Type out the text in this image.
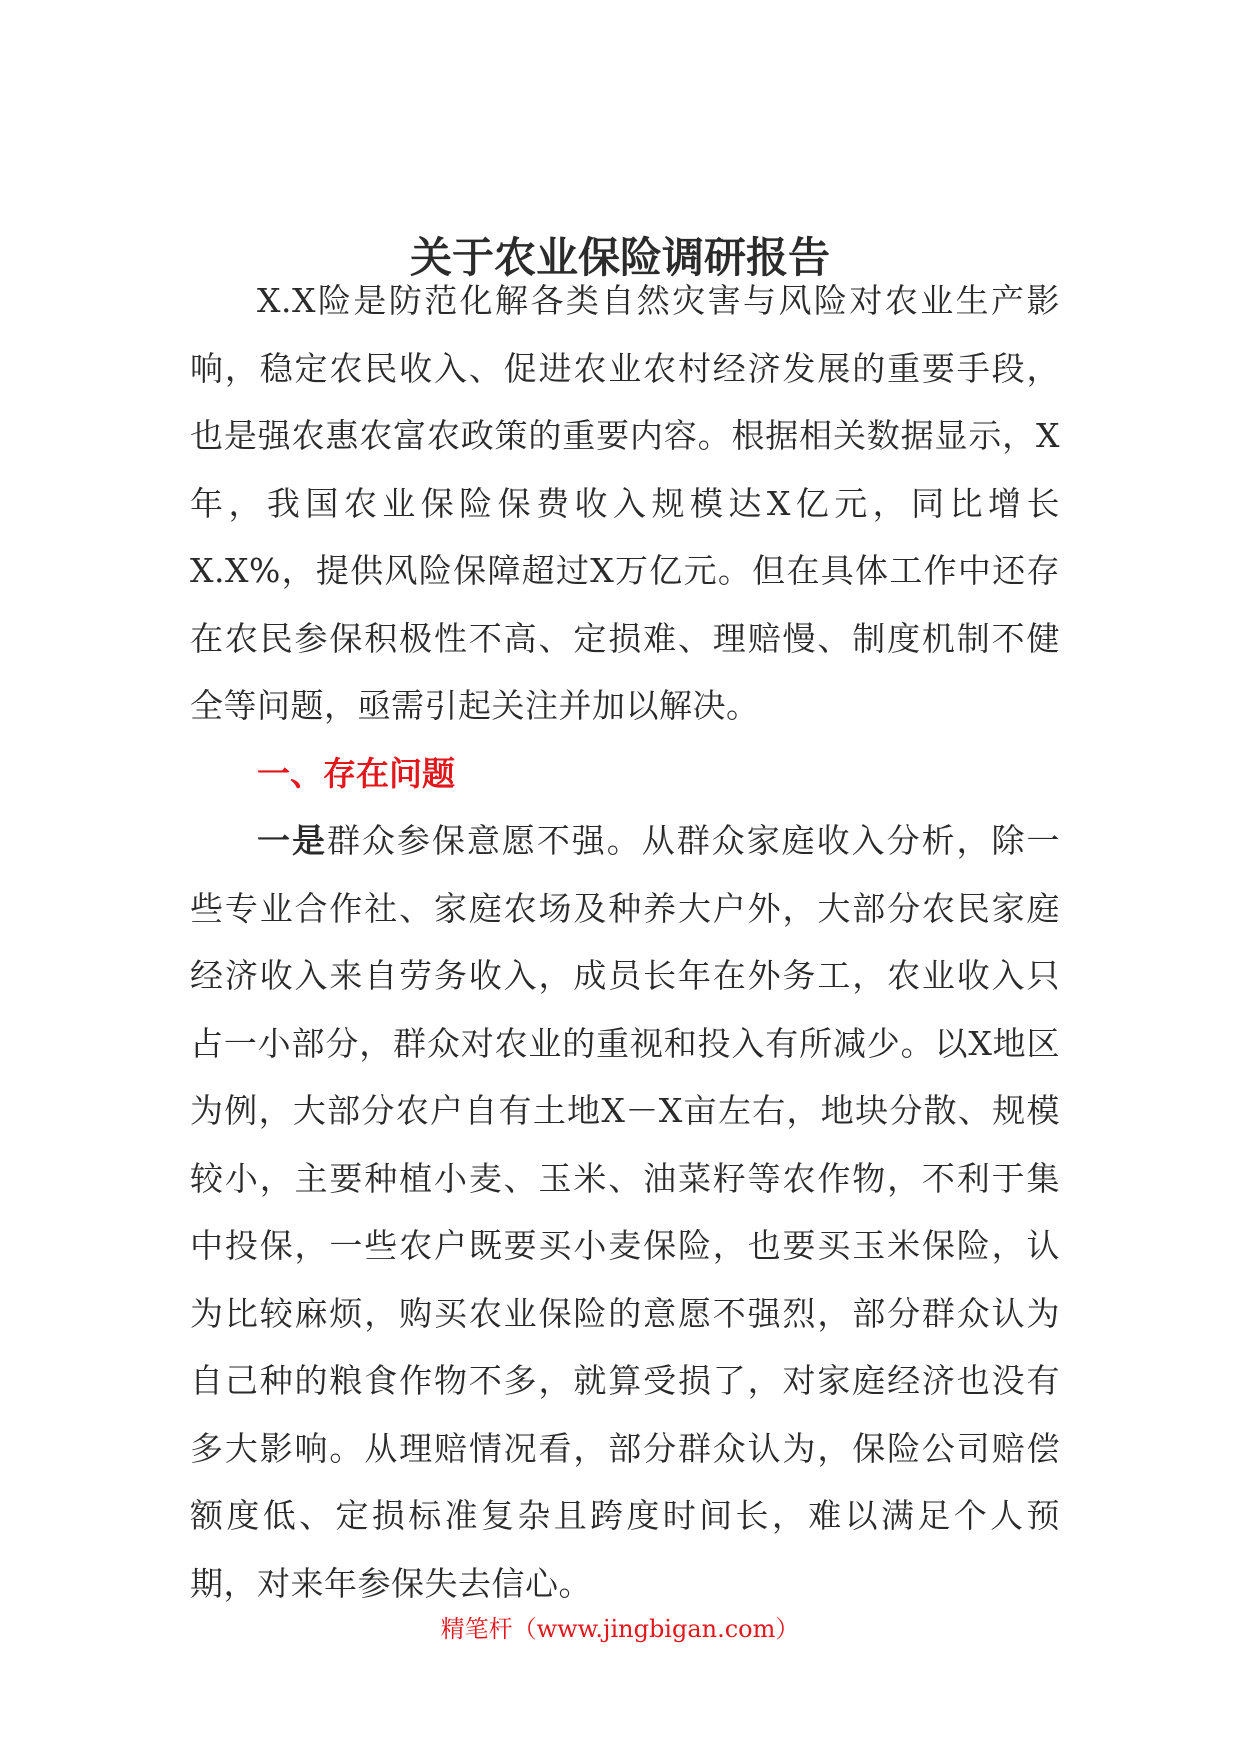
关于农业保险调研报告

X.X险是防范化解各类自然灾害与风险对农业生产影响，稳定农民收入、促进农业农村经济发展的重要手段，也是强农惠农富农政策的重要内容。根据相关数据显示，X年，我国农业保险保费收入规模达X亿元，同比增长X.X%，提供风险保障超过X万亿元。但在具体工作中还存在农民参保积极性不高、定损难、理赔慢、制度机制不健全等问题，亟需引起关注并加以解决。

一、存在问题

一是群众参保意愿不强。从群众家庭收入分析，除一些专业合作社、家庭农场及种养大户外，大部分农民家庭经济收入来自劳务收入，成员长年在外务工，农业收入只占一小部分，群众对农业的重视和投入有所减少。以X地区为例，大部分农户自有土地X－X亩左右，地块分散、规模较小，主要种植小麦、玉米、油菜籽等农作物，不利于集中投保，一些农户既要买小麦保险，也要买玉米保险，认为比较麻烦，购买农业保险的意愿不强烈，部分群众认为自己种的粮食作物不多，就算受损了，对家庭经济也没有多大影响。从理赔情况看，部分群众认为，保险公司赔偿额度低、定损标准复杂且跨度时间长，难以满足个人预期，对来年参保失去信心。

精笔杆（www.jingbigan.com）
